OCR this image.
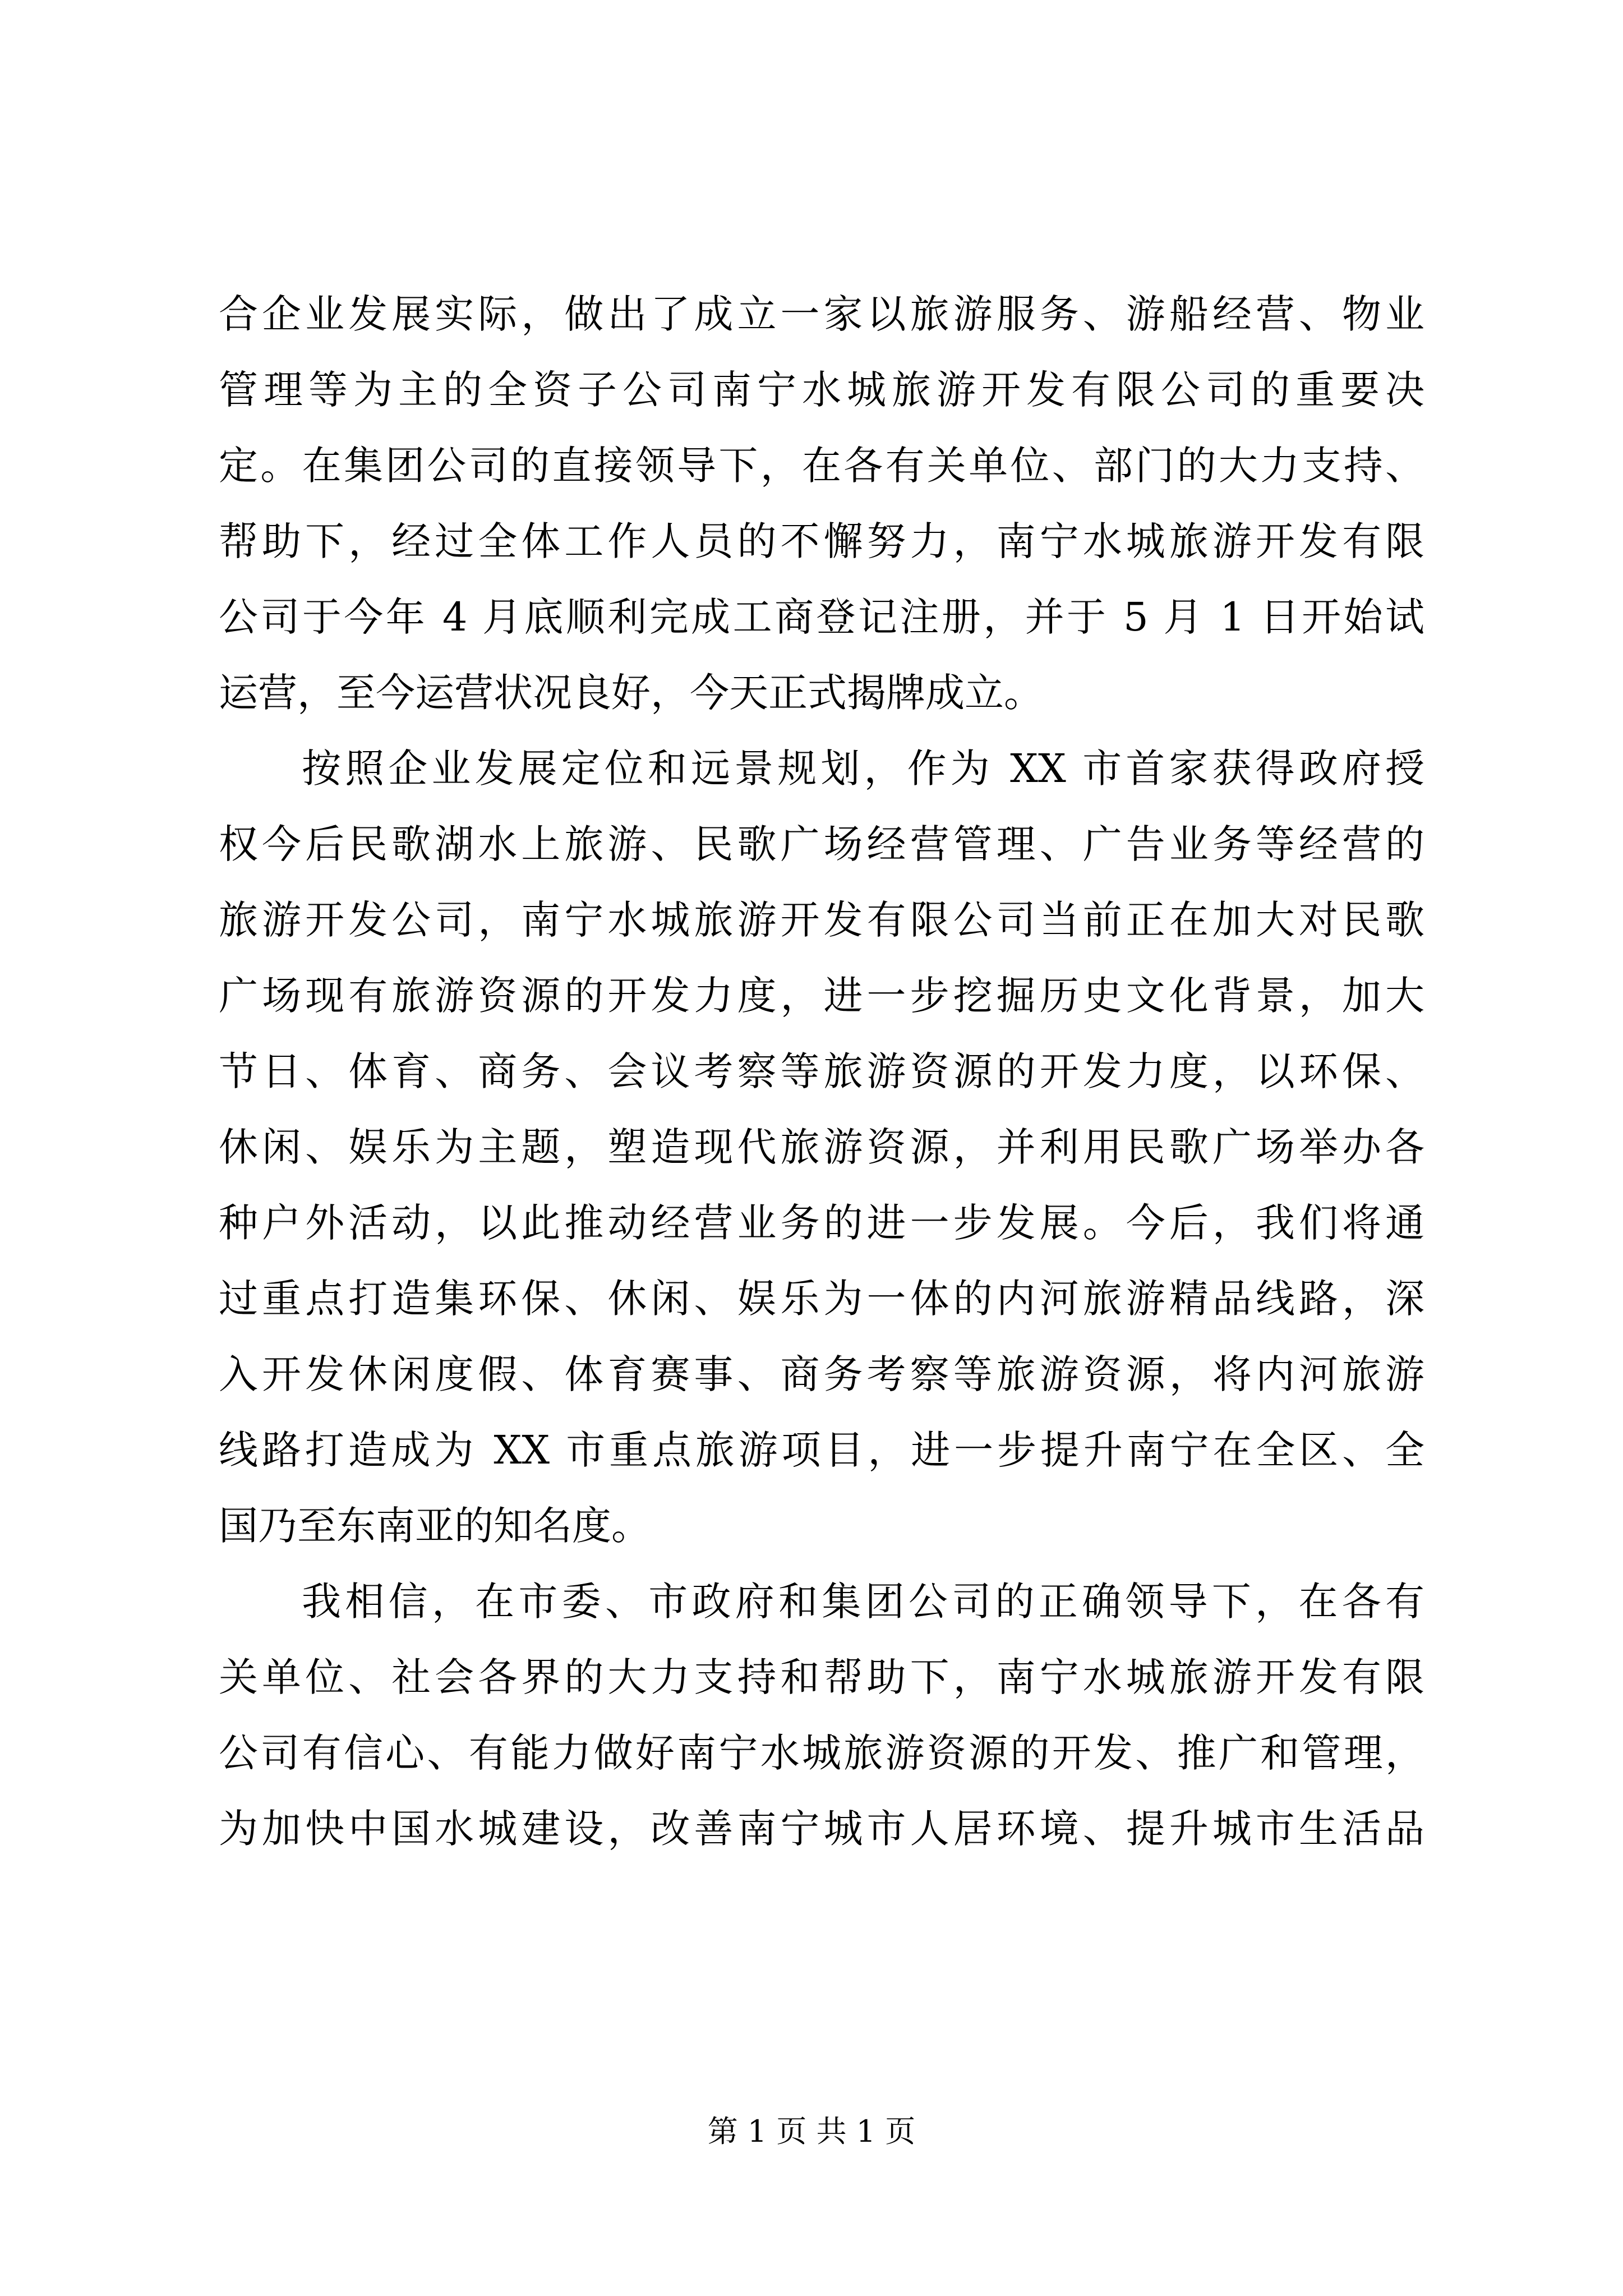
合企业发展实际，做出了成立一家以旅游服务、游船经营、物业
管理等为主的全资子公司南宁水城旅游开发有限公司的重要决
定。在集团公司的直接领导下，在各有关单位、部门的大力支持、
帮助下，经过全体工作人员的不懈努力，南宁水城旅游开发有限
公司于今年 4 月底顺利完成工商登记注册，并于 5 月 1 日开始试
运营，至今运营状况良好，今天正式揭牌成立。
按照企业发展定位和远景规划，作为 XX 市首家获得政府授
权今后民歌湖水上旅游、民歌广场经营管理、广告业务等经营的
旅游开发公司，南宁水城旅游开发有限公司当前正在加大对民歌
广场现有旅游资源的开发力度，进一步挖掘历史文化背景，加大
节日、体育、商务、会议考察等旅游资源的开发力度，以环保、
休闲、娱乐为主题，塑造现代旅游资源，并利用民歌广场举办各
种户外活动，以此推动经营业务的进一步发展。今后，我们将通
过重点打造集环保、休闲、娱乐为一体的内河旅游精品线路，深
入开发休闲度假、体育赛事、商务考察等旅游资源，将内河旅游
线路打造成为 XX 市重点旅游项目，进一步提升南宁在全区、全
国乃至东南亚的知名度。
我相信，在市委、市政府和集团公司的正确领导下，在各有
关单位、社会各界的大力支持和帮助下，南宁水城旅游开发有限
公司有信心、有能力做好南宁水城旅游资源的开发、推广和管理，
为加快中国水城建设，改善南宁城市人居环境、提升城市生活品
第 1 页 共 1 页
